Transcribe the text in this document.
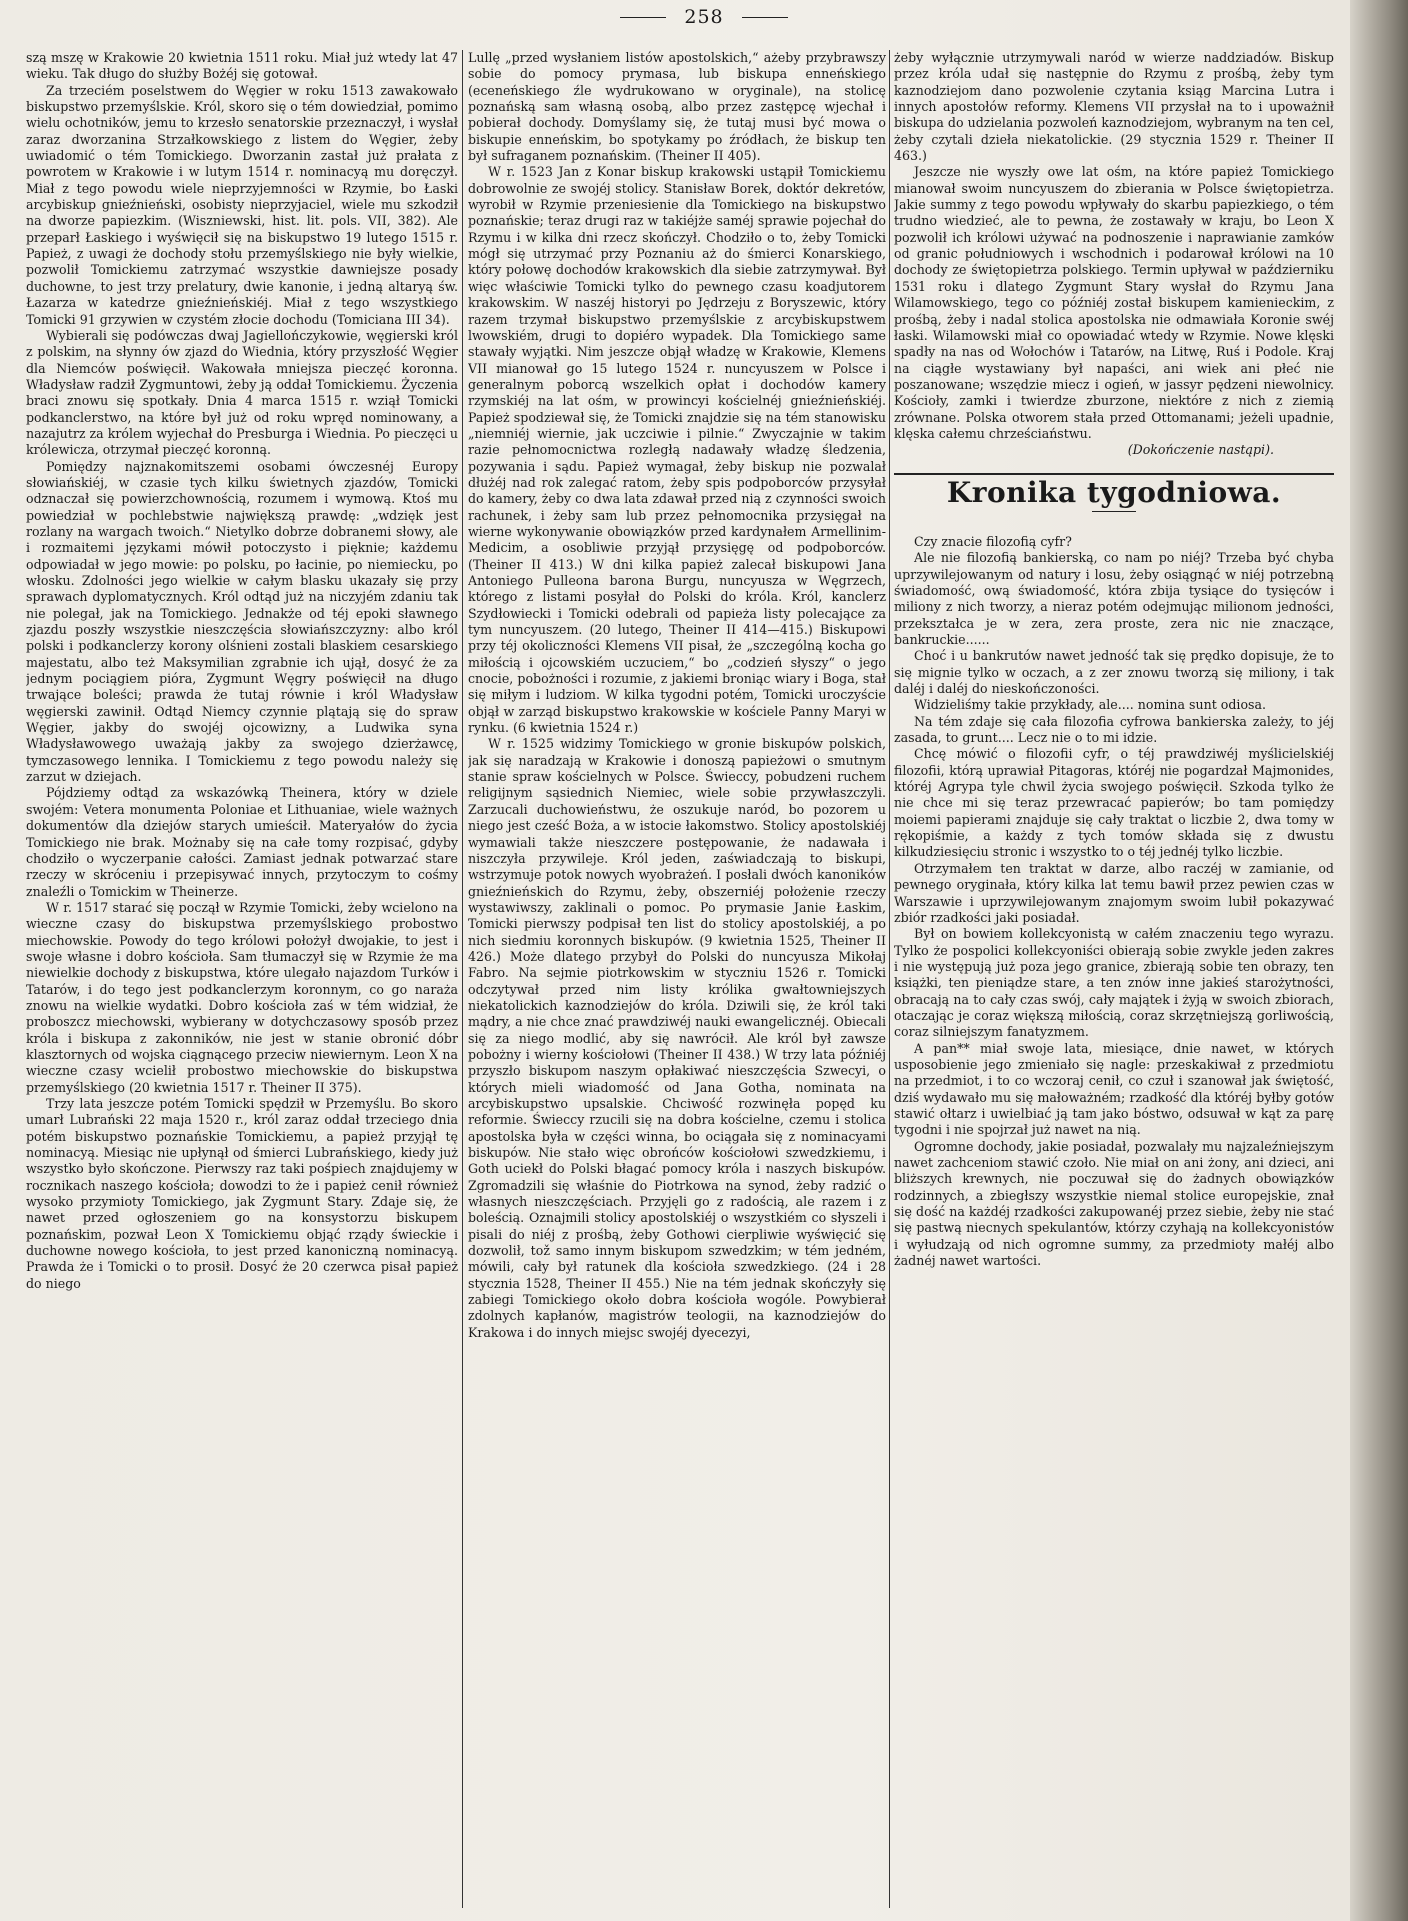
258

szą mszę w Krakowie 20 kwietnia 1511 roku. Miał już wtedy lat 47 wieku. Tak długo do służby Bożéj się gotował.

Za trzeciém poselstwem do Węgier w roku 1513 zawakowało biskupstwo przemyślskie. Król, skoro się o tém dowiedział, pomimo wielu ochotników, jemu to krzesło senatorskie przeznaczył, i wysłał zaraz dworzanina Strzałkowskiego z listem do Węgier, żeby uwiadomić o tém Tomickiego. Dworzanin zastał już prałata z powrotem w Krakowie i w lutym 1514 r. nominacyą mu doręczył. Miał z tego powodu wiele nieprzyjemności w Rzymie, bo Łaski arcybiskup gnieźnieński, osobisty nieprzyjaciel, wiele mu szkodził na dworze papiezkim. (Wiszniewski, hist. lit. pols. VII, 382). Ale przeparł Łaskiego i wyświęcił się na biskupstwo 19 lutego 1515 r. Papież, z uwagi że dochody stołu przemyślskiego nie były wielkie, pozwolił Tomickiemu zatrzymać wszystkie dawniejsze posady duchowne, to jest trzy prelatury, dwie kanonie, i jedną altaryą św. Łazarza w katedrze gnieźnieńskiéj. Miał z tego wszystkiego Tomicki 91 grzywien w czystém złocie dochodu (Tomiciana III 34).

Wybierali się podówczas dwaj Jagiellończykowie, węgierski król z polskim, na słynny ów zjazd do Wiednia, który przyszłość Węgier dla Niemców poświęcił. Wakowała mniejsza pieczęć koronna. Władysław radził Zygmuntowi, żeby ją oddał Tomickiemu. Życzenia braci znowu się spotkały. Dnia 4 marca 1515 r. wziął Tomicki podkanclerstwo, na które był już od roku wpręd nominowany, a nazajutrz za królem wyjechał do Presburga i Wiednia. Po pieczęci u królewicza, otrzymał pieczęć koronną.

Pomiędzy najznakomitszemi osobami ówczesnéj Europy słowiańskiéj, w czasie tych kilku świetnych zjazdów, Tomicki odznaczał się powierzchownością, rozumem i wymową. Ktoś mu powiedział w pochlebstwie największą prawdę: „wdzięk jest rozlany na wargach twoich.“ Nietylko dobrze dobranemi słowy, ale i rozmaitemi językami mówił potoczysto i pięknie; każdemu odpowiadał w jego mowie: po polsku, po łacinie, po niemiecku, po włosku. Zdolności jego wielkie w całym blasku ukazały się przy sprawach dyplomatycznych. Król odtąd już na niczyjém zdaniu tak nie polegał, jak na Tomickiego. Jednakże od téj epoki sławnego zjazdu poszły wszystkie nieszczęścia słowiańszczyzny: albo król polski i podkanclerzy korony olśnieni zostali blaskiem cesarskiego majestatu, albo też Maksymilian zgrabnie ich ujął, dosyć że za jednym pociągiem pióra, Zygmunt Węgry poświęcił na długo trwające boleści; prawda że tutaj równie i król Władysław węgierski zawinił. Odtąd Niemcy czynnie plątają się do spraw Węgier, jakby do swojéj ojcowizny, a Ludwika syna Władysławowego uważają jakby za swojego dzierżawcę, tymczasowego lennika. I Tomickiemu z tego powodu należy się zarzut w dziejach.

Pójdziemy odtąd za wskazówką Theinera, który w dziele swojém: Vetera monumenta Poloniae et Lithuaniae, wiele ważnych dokumentów dla dziejów starych umieścił. Materyałów do życia Tomickiego nie brak. Możnaby się na całe tomy rozpisać, gdyby chodziło o wyczerpanie całości. Zamiast jednak potwarzać stare rzeczy w skróceniu i przepisywać innych, przytoczym to cośmy znaleźli o Tomickim w Theinerze.

W r. 1517 starać się począł w Rzymie Tomicki, żeby wcielono na wieczne czasy do biskupstwa przemyślskiego probostwo miechowskie. Powody do tego królowi położył dwojakie, to jest i swoje własne i dobro kościoła. Sam tłumaczył się w Rzymie że ma niewielkie dochody z biskupstwa, które ulegało najazdom Turków i Tatarów, i do tego jest podkanclerzym koronnym, co go naraża znowu na wielkie wydatki. Dobro kościoła zaś w tém widział, że proboszcz miechowski, wybierany w dotychczasowy sposób przez króla i biskupa z zakonników, nie jest w stanie obronić dóbr klasztornych od wojska ciągnącego przeciw niewiernym. Leon X na wieczne czasy wcielił probostwo miechowskie do biskupstwa przemyślskiego (20 kwietnia 1517 r. Theiner II 375).

Trzy lata jeszcze potém Tomicki spędził w Przemyślu. Bo skoro umarł Lubrański 22 maja 1520 r., król zaraz oddał trzeciego dnia potém biskupstwo poznańskie Tomickiemu, a papież przyjął tę nominacyą. Miesiąc nie upłynął od śmierci Lubrańskiego, kiedy już wszystko było skończone. Pierwszy raz taki pośpiech znajdujemy w rocznikach naszego kościoła; dowodzi to że i papież cenił również wysoko przymioty Tomickiego, jak Zygmunt Stary. Zdaje się, że nawet przed ogłoszeniem go na konsystorzu biskupem poznańskim, pozwał Leon X Tomickiemu objąć rządy świeckie i duchowne nowego kościoła, to jest przed kanoniczną nominacyą. Prawda że i Tomicki o to prosił. Dosyć że 20 czerwca pisał papież do niego

Lullę „przed wysłaniem listów apostolskich,“ ażeby przybrawszy sobie do pomocy prymasa, lub biskupa enneńskiego (eceneńskiego źle wydrukowano w oryginale), na stolicę poznańską sam własną osobą, albo przez zastępcę wjechał i pobierał dochody. Domyślamy się, że tutaj musi być mowa o biskupie enneńskim, bo spotykamy po źródłach, że biskup ten był sufraganem poznańskim. (Theiner II 405).

W r. 1523 Jan z Konar biskup krakowski ustąpił Tomickiemu dobrowolnie ze swojéj stolicy. Stanisław Borek, doktór dekretów, wyrobił w Rzymie przeniesienie dla Tomickiego na biskupstwo poznańskie; teraz drugi raz w takiéjże saméj sprawie pojechał do Rzymu i w kilka dni rzecz skończył. Chodziło o to, żeby Tomicki mógł się utrzymać przy Poznaniu aż do śmierci Konarskiego, który połowę dochodów krakowskich dla siebie zatrzymywał. Był więc właściwie Tomicki tylko do pewnego czasu koadjutorem krakowskim. W naszéj historyi po Jędrzeju z Boryszewic, który razem trzymał biskupstwo przemyślskie z arcybiskupstwem lwowskiém, drugi to dopiéro wypadek. Dla Tomickiego same stawały wyjątki. Nim jeszcze objął władzę w Krakowie, Klemens VII mianował go 15 lutego 1524 r. nuncyuszem w Polsce i generalnym poborcą wszelkich opłat i dochodów kamery rzymskiéj na lat ośm, w prowincyi kościelnéj gnieźnieńskiéj. Papież spodziewał się, że Tomicki znajdzie się na tém stanowisku „niemniéj wiernie, jak uczciwie i pilnie.“ Zwyczajnie w takim razie pełnomocnictwa rozległą nadawały władzę śledzenia, pozywania i sądu. Papież wymagał, żeby biskup nie pozwalał dłużéj nad rok zalegać ratom, żeby spis podpoborców przysyłał do kamery, żeby co dwa lata zdawał przed nią z czynności swoich rachunek, i żeby sam lub przez pełnomocnika przysięgał na wierne wykonywanie obowiązków przed kardynałem Armellinim-Medicim, a osobliwie przyjął przysięgę od podpoborców. (Theiner II 413.) W dni kilka papież zalecał biskupowi Jana Antoniego Pulleona barona Burgu, nuncyusza w Węgrzech, którego z listami posyłał do Polski do króla. Król, kanclerz Szydłowiecki i Tomicki odebrali od papieża listy polecające za tym nuncyuszem. (20 lutego, Theiner II 414—415.) Biskupowi przy téj okoliczności Klemens VII pisał, że „szczególną kocha go miłością i ojcowskiém uczuciem,“ bo „codzień słyszy“ o jego cnocie, pobożności i rozumie, z jakiemi broniąc wiary i Boga, stał się miłym i ludziom. W kilka tygodni potém, Tomicki uroczyście objął w zarząd biskupstwo krakowskie w kościele Panny Maryi w rynku. (6 kwietnia 1524 r.)

W r. 1525 widzimy Tomickiego w gronie biskupów polskich, jak się naradzają w Krakowie i donoszą papieżowi o smutnym stanie spraw kościelnych w Polsce. Świeccy, pobudzeni ruchem religijnym sąsiednich Niemiec, wiele sobie przywłaszczyli. Zarzucali duchowieństwu, że oszukuje naród, bo pozorem u niego jest cześć Boża, a w istocie łakomstwo. Stolicy apostolskiéj wymawiali także nieszczere postępowanie, że nadawała i niszczyła przywileje. Król jeden, zaświadczają to biskupi, wstrzymuje potok nowych wyobrażeń. I posłali dwóch kanoników gnieźnieńskich do Rzymu, żeby, obszerniéj położenie rzeczy wystawiwszy, zaklinali o pomoc. Po prymasie Janie Łaskim, Tomicki pierwszy podpisał ten list do stolicy apostolskiéj, a po nich siedmiu koronnych biskupów. (9 kwietnia 1525, Theiner II 426.) Może dlatego przybył do Polski do nuncyusza Mikołaj Fabro. Na sejmie piotrkowskim w styczniu 1526 r. Tomicki odczytywał przed nim listy królika gwałtowniejszych niekatolickich kaznodziejów do króla. Dziwili się, że król taki mądry, a nie chce znać prawdziwéj nauki ewangelicznéj. Obiecali się za niego modlić, aby się nawrócił. Ale król był zawsze pobożny i wierny kościołowi (Theiner II 438.) W trzy lata późniéj przyszło biskupom naszym opłakiwać nieszczęścia Szwecyi, o których mieli wiadomość od Jana Gotha, nominata na arcybiskupstwo upsalskie. Chciwość rozwinęła popęd ku reformie. Świeccy rzucili się na dobra kościelne, czemu i stolica apostolska była w części winna, bo ociągała się z nominacyami biskupów. Nie stało więc obrońców kościołowi szwedzkiemu, i Goth uciekł do Polski błagać pomocy króla i naszych biskupów. Zgromadzili się właśnie do Piotrkowa na synod, żeby radzić o własnych nieszczęściach. Przyjęli go z radością, ale razem i z boleścią. Oznajmili stolicy apostolskiéj o wszystkiém co słyszeli i pisali do niéj z prośbą, żeby Gothowi cierpliwie wyświęcić się dozwolił, tož samo innym biskupom szwedzkim; w tém jedném, mówili, cały był ratunek dla kościoła szwedzkiego. (24 i 28 stycznia 1528, Theiner II 455.) Nie na tém jednak skończyły się zabiegi Tomickiego około dobra kościoła wogóle. Powybierał zdolnych kapłanów, magistrów teologii, na kaznodziejów do Krakowa i do innych miejsc swojéj dyecezyi,

żeby wyłącznie utrzymywali naród w wierze naddziadów. Biskup przez króla udał się następnie do Rzymu z prośbą, żeby tym kaznodziejom dano pozwolenie czytania ksiąg Marcina Lutra i innych apostołów reformy. Klemens VII przysłał na to i upoważnił biskupa do udzielania pozwoleń kaznodziejom, wybranym na ten cel, żeby czytali dzieła niekatolickie. (29 stycznia 1529 r. Theiner II 463.)

Jeszcze nie wyszły owe lat ośm, na które papież Tomickiego mianował swoim nuncyuszem do zbierania w Polsce świętopietrza. Jakie summy z tego powodu wpływały do skarbu papiezkiego, o tém trudno wiedzieć, ale to pewna, że zostawały w kraju, bo Leon X pozwolił ich królowi używać na podnoszenie i naprawianie zamków od granic południowych i wschodnich i podarował królowi na 10 dochody ze świętopietrza polskiego. Termin upływał w październiku 1531 roku i dlatego Zygmunt Stary wysłał do Rzymu Jana Wilamowskiego, tego co późniéj został biskupem kamienieckim, z prośbą, żeby i nadal stolica apostolska nie odmawiała Koronie swéj łaski. Wilamowski miał co opowiadać wtedy w Rzymie. Nowe klęski spadły na nas od Wołochów i Tatarów, na Litwę, Ruś i Podole. Kraj na ciągłe wystawiany był napaści, ani wiek ani płeć nie poszanowane; wszędzie miecz i ogień, w jassyr pędzeni niewolnicy. Kościoły, zamki i twierdze zburzone, niektóre z nich z ziemią zrównane. Polska otworem stała przed Ottomanami; jeżeli upadnie, klęska całemu chrześciaństwu.

(Dokończenie nastąpi).

Kronika tygodniowa.

Czy znacie filozofią cyfr?

Ale nie filozofią bankierską, co nam po niéj? Trzeba być chyba uprzywilejowanym od natury i losu, żeby osiągnąć w niéj potrzebną świadomość, ową świadomość, która zbija tysiące do tysięców i miliony z nich tworzy, a nieraz potém odejmując milionom jedności, przekształca je w zera, zera proste, zera nic nie znaczące, bankruckie......

Choć i u bankrutów nawet jedność tak się prędko dopisuje, że to się mignie tylko w oczach, a z zer znowu tworzą się miliony, i tak daléj i daléj do nieskończoności.

Widzieliśmy takie przykłady, ale.... nomina sunt odiosa.

Na tém zdaje się cała filozofia cyfrowa bankierska zależy, to jéj zasada, to grunt.... Lecz nie o to mi idzie.

Chcę mówić o filozofii cyfr, o téj prawdziwéj myślicielskiéj filozofii, którą uprawiał Pitagoras, któréj nie pogardzał Majmonides, któréj Agrypa tyle chwil życia swojego poświęcił. Szkoda tylko że nie chce mi się teraz przewracać papierów; bo tam pomiędzy moiemi papierami znajduje się cały traktat o liczbie 2, dwa tomy w rękopiśmie, a każdy z tych tomów składa się z dwustu kilkudziesięciu stronic i wszystko to o téj jednéj tylko liczbie.

Otrzymałem ten traktat w darze, albo raczéj w zamianie, od pewnego oryginała, który kilka lat temu bawił przez pewien czas w Warszawie i uprzywilejowanym znajomym swoim lubił pokazywać zbiór rzadkości jaki posiadał.

Był on bowiem kollekcyonistą w całém znaczeniu tego wyrazu. Tylko że pospolici kollekcyoniści obierają sobie zwykle jeden zakres i nie występują już poza jego granice, zbierają sobie ten obrazy, ten książki, ten pieniądze stare, a ten znów inne jakieś starożytności, obracają na to cały czas swój, cały majątek i żyją w swoich zbiorach, otaczając je coraz większą miłością, coraz skrzętniejszą gorliwością, coraz silniejszym fanatyzmem.

A pan** miał swoje lata, miesiące, dnie nawet, w których usposobienie jego zmieniało się nagle: przeskakiwał z przedmiotu na przedmiot, i to co wczoraj cenił, co czuł i szanował jak świętość, dziś wydawało mu się małoważném; rzadkość dla któréj byłby gotów stawić ołtarz i uwielbiać ją tam jako bóstwo, odsuwał w kąt za parę tygodni i nie spojrzał już nawet na nią.

Ogromne dochody, jakie posiadał, pozwalały mu najzaleźniejszym nawet zachceniom stawić czoło. Nie miał on ani żony, ani dzieci, ani bliższych krewnych, nie poczuwał się do żadnych obowiązków rodzinnych, a zbiegłszy wszystkie niemal stolice europejskie, znał się dość na każdéj rzadkości zakupowanéj przez siebie, żeby nie stać się pastwą niecnych spekulantów, którzy czyhają na kollekcyonistów i wyłudzają od nich ogromne summy, za przedmioty małéj albo żadnéj nawet wartości.
